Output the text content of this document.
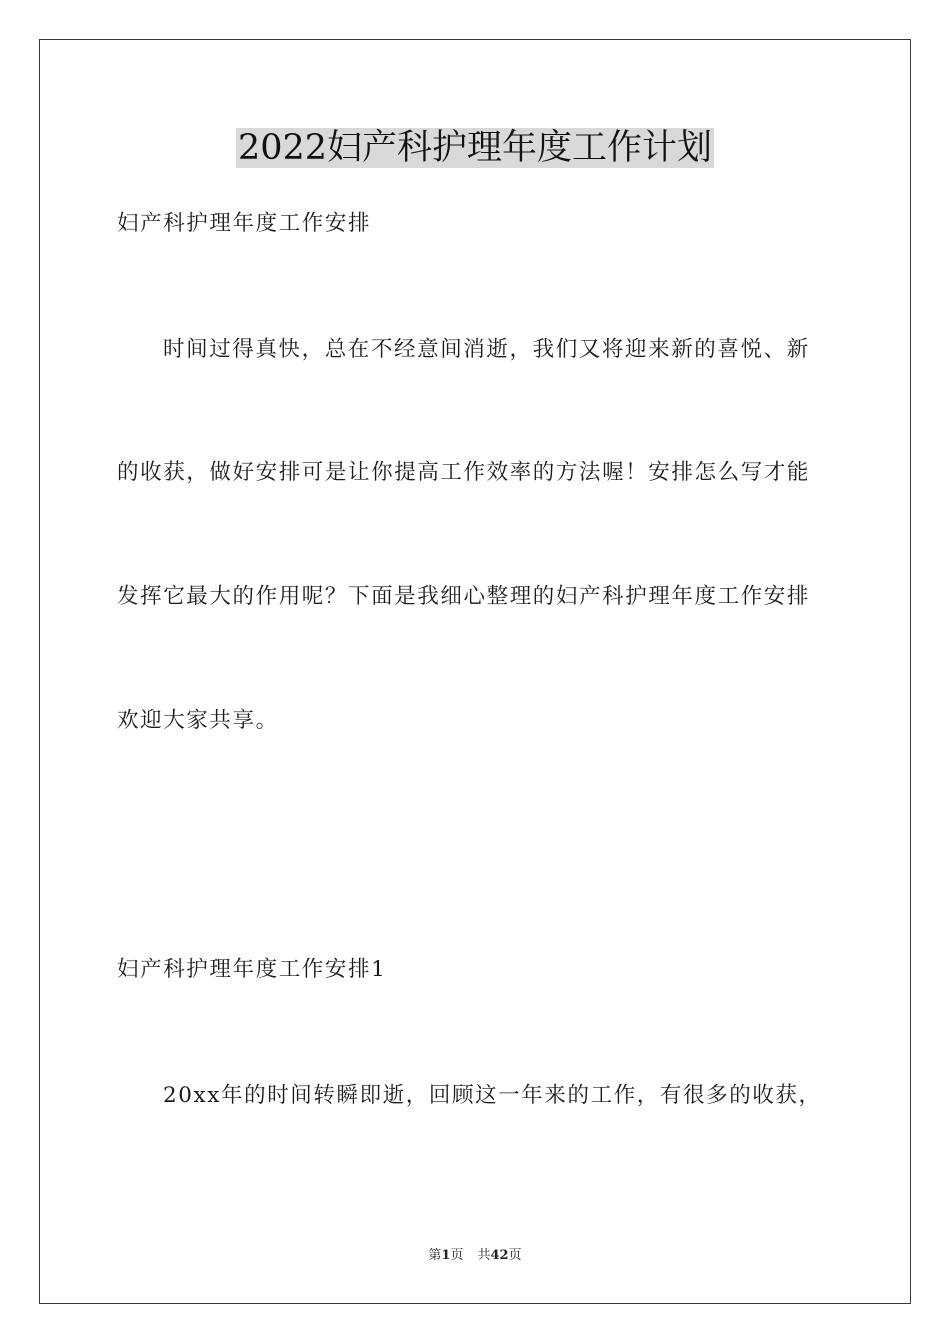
2022妇产科护理年度工作计划
妇产科护理年度工作安排
时间过得真快，总在不经意间消逝，我们又将迎来新的喜悦、新
的收获，做好安排可是让你提高工作效率的方法喔！安排怎么写才能
发挥它最大的作用呢？下面是我细心整理的妇产科护理年度工作安排
欢迎大家共享。
妇产科护理年度工作安排1
20xx年的时间转瞬即逝，回顾这一年来的工作，有很多的收获，
第1页 共42页
